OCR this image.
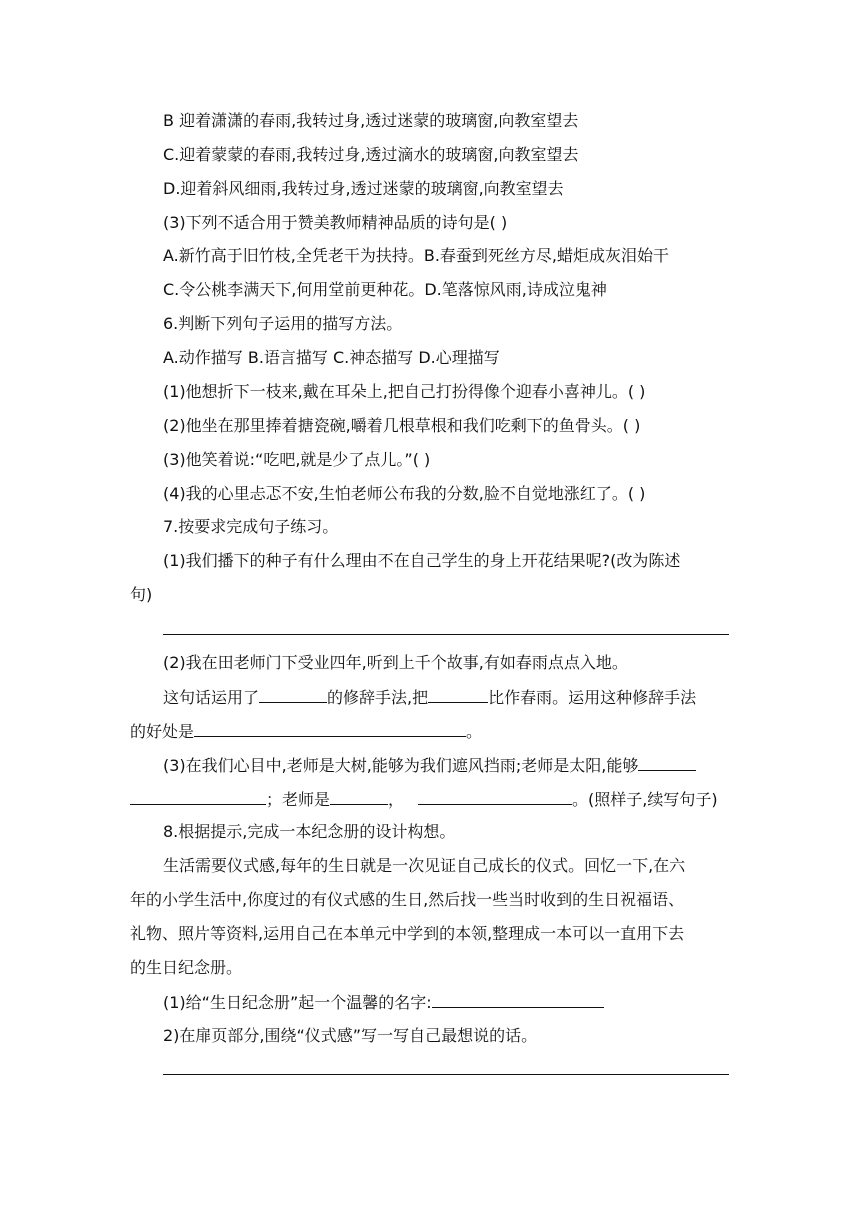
B 迎着潇潇的春雨,我转过身,透过迷蒙的玻璃窗,向教室望去
C.迎着蒙蒙的春雨,我转过身,透过滴水的玻璃窗,向教室望去
D.迎着斜风细雨,我转过身,透过迷蒙的玻璃窗,向教室望去
(3)下列不适合用于赞美教师精神品质的诗句是( )
A.新竹高于旧竹枝,全凭老干为扶持。B.春蚕到死丝方尽,蜡炬成灰泪始干
C.令公桃李满天下,何用堂前更种花。D.笔落惊风雨,诗成泣鬼神
6.判断下列句子运用的描写方法。
A.动作描写 B.语言描写 C.神态描写 D.心理描写
(1)他想折下一枝来,戴在耳朵上,把自己打扮得像个迎春小喜神儿。( )
(2)他坐在那里捧着搪瓷碗,嚼着几根草根和我们吃剩下的鱼骨头。( )
(3)他笑着说:“吃吧,就是少了点儿。”( )
(4)我的心里忐忑不安,生怕老师公布我的分数,脸不自觉地涨红了。( )
7.按要求完成句子练习。
(1)我们播下的种子有什么理由不在自己学生的身上开花结果呢?(改为陈述
句)
(2)我在田老师门下受业四年,听到上千个故事,有如春雨点点入地。
这句话运用了	的修辞手法,把	比作春雨。运用这种修辞手法
的好处是	。
(3)在我们心目中,老师是大树,能够为我们遮风挡雨;老师是太阳,能够
；老师是	，	。(照样子,续写句子)
8.根据提示,完成一本纪念册的设计构想。
生活需要仪式感,每年的生日就是一次见证自己成长的仪式。回忆一下,在六
年的小学生活中,你度过的有仪式感的生日,然后找一些当时收到的生日祝福语、
礼物、照片等资料,运用自己在本单元中学到的本领,整理成一本可以一直用下去
的生日纪念册。
(1)给“生日纪念册”起一个温馨的名字:
2)在扉页部分,围绕“仪式感”写一写自己最想说的话。
